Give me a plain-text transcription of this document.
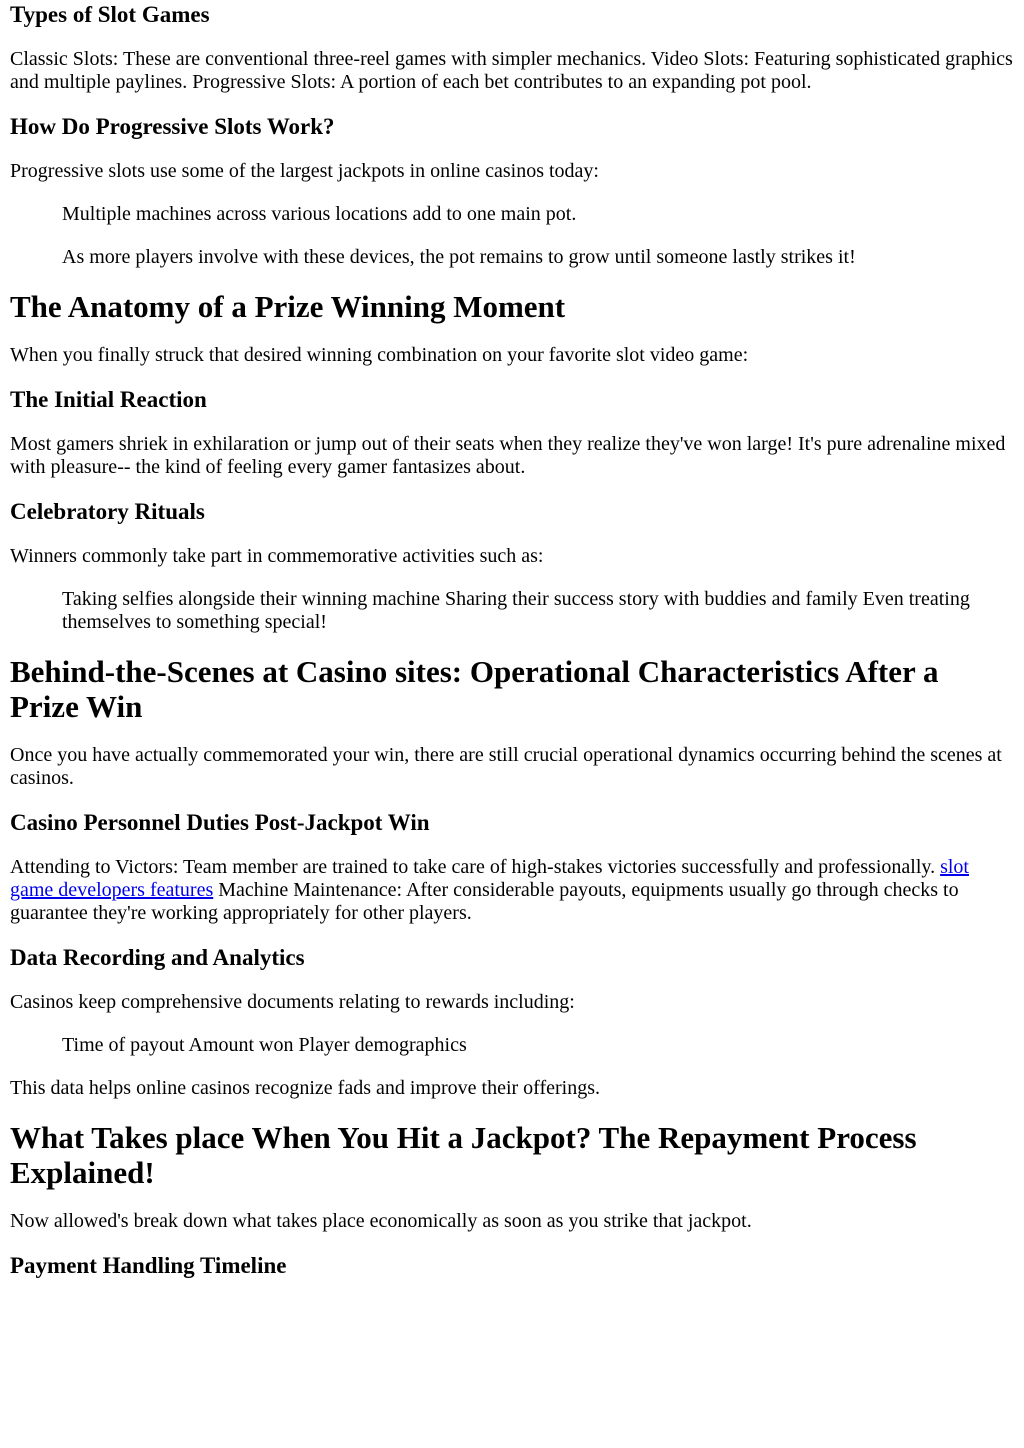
Types of Slot Games

Classic Slots: These are conventional three-reel games with simpler mechanics. Video Slots: Featuring sophisticated graphics and multiple paylines. Progressive Slots: A portion of each bet contributes to an expanding pot pool.

How Do Progressive Slots Work?

Progressive slots use some of the largest jackpots in online casinos today:

Multiple machines across various locations add to one main pot.

As more players involve with these devices, the pot remains to grow until someone lastly strikes it!

The Anatomy of a Prize Winning Moment

When you finally struck that desired winning combination on your favorite slot video game:

The Initial Reaction

Most gamers shriek in exhilaration or jump out of their seats when they realize they've won large! It's pure adrenaline mixed with pleasure-- the kind of feeling every gamer fantasizes about.

Celebratory Rituals

Winners commonly take part in commemorative activities such as:

Taking selfies alongside their winning machine Sharing their success story with buddies and family Even treating themselves to something special!

Behind-the-Scenes at Casino sites: Operational Characteristics After a Prize Win

Once you have actually commemorated your win, there are still crucial operational dynamics occurring behind the scenes at casinos.

Casino Personnel Duties Post-Jackpot Win

Attending to Victors: Team member are trained to take care of high-stakes victories successfully and professionally. slot game developers features Machine Maintenance: After considerable payouts, equipments usually go through checks to guarantee they're working appropriately for other players.

Data Recording and Analytics

Casinos keep comprehensive documents relating to rewards including:

Time of payout Amount won Player demographics

This data helps online casinos recognize fads and improve their offerings.

What Takes place When You Hit a Jackpot? The Repayment Process Explained!

Now allowed's break down what takes place economically as soon as you strike that jackpot.

Payment Handling Timeline
